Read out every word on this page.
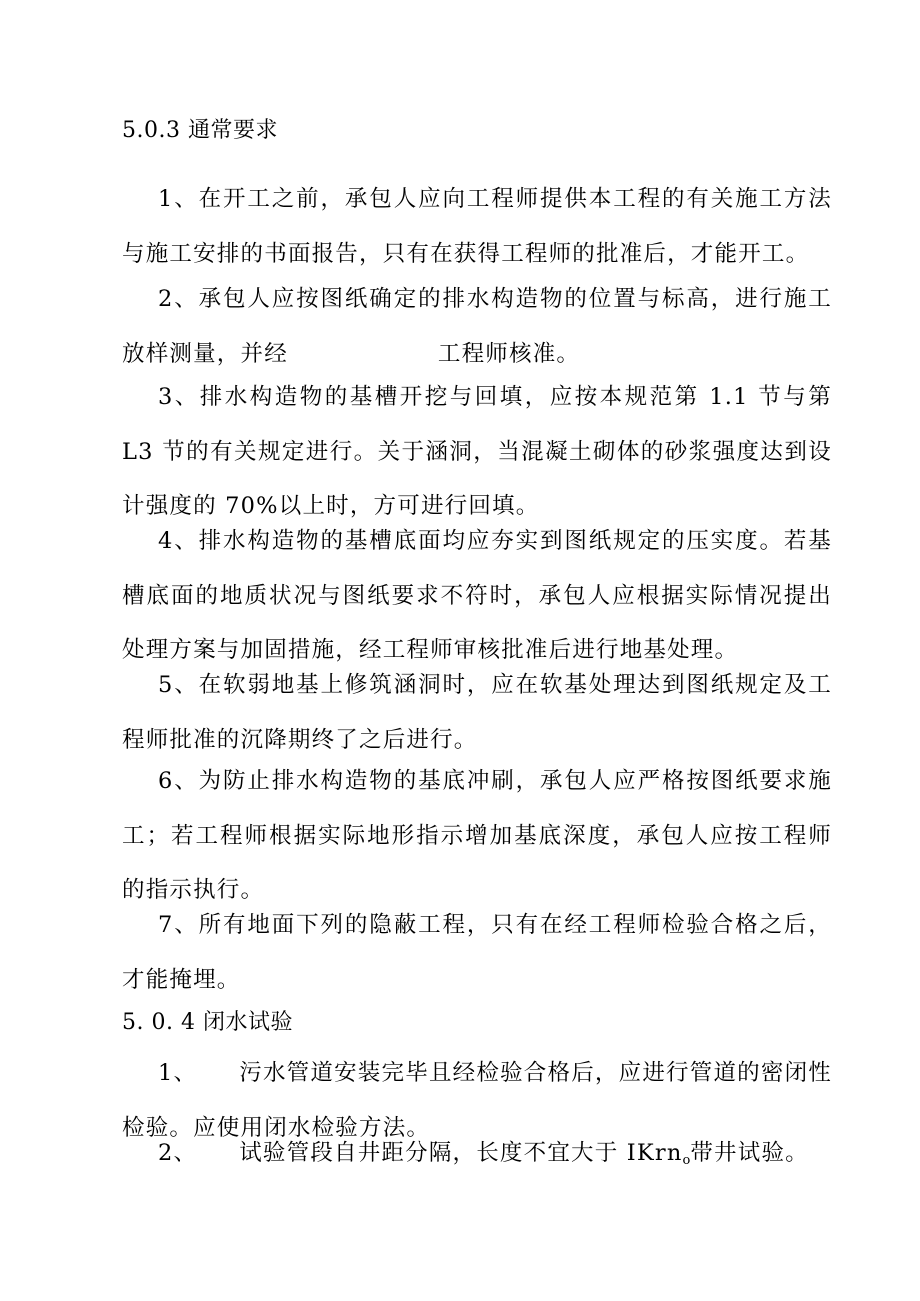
5.0.3 通常要求

1、在开工之前，承包人应向工程师提供本工程的有关施工方法与施工安排的书面报告，只有在获得工程师的批准后，才能开工。

2、承包人应按图纸确定的排水构造物的位置与标高，进行施工放样测量，并经	工程师核准。

3、排水构造物的基槽开挖与回填，应按本规范第 1.1 节与第 L3 节的有关规定进行。关于涵洞，当混凝土砌体的砂浆强度达到设计强度的 70%以上时，方可进行回填。

4、排水构造物的基槽底面均应夯实到图纸规定的压实度。若基槽底面的地质状况与图纸要求不符时，承包人应根据实际情况提出处理方案与加固措施，经工程师审核批准后进行地基处理。

5、在软弱地基上修筑涵洞时，应在软基处理达到图纸规定及工程师批准的沉降期终了之后进行。

6、为防止排水构造物的基底冲刷，承包人应严格按图纸要求施工；若工程师根据实际地形指示增加基底深度，承包人应按工程师的指示执行。

7、所有地面下列的隐蔽工程，只有在经工程师检验合格之后，才能掩埋。

5. 0. 4 闭水试验

1、 污水管道安装完毕且经检验合格后，应进行管道的密闭性检验。应使用闭水检验方法。

2、 试验管段自井距分隔，长度不宜大于 IKrn$_o$带井试验。
